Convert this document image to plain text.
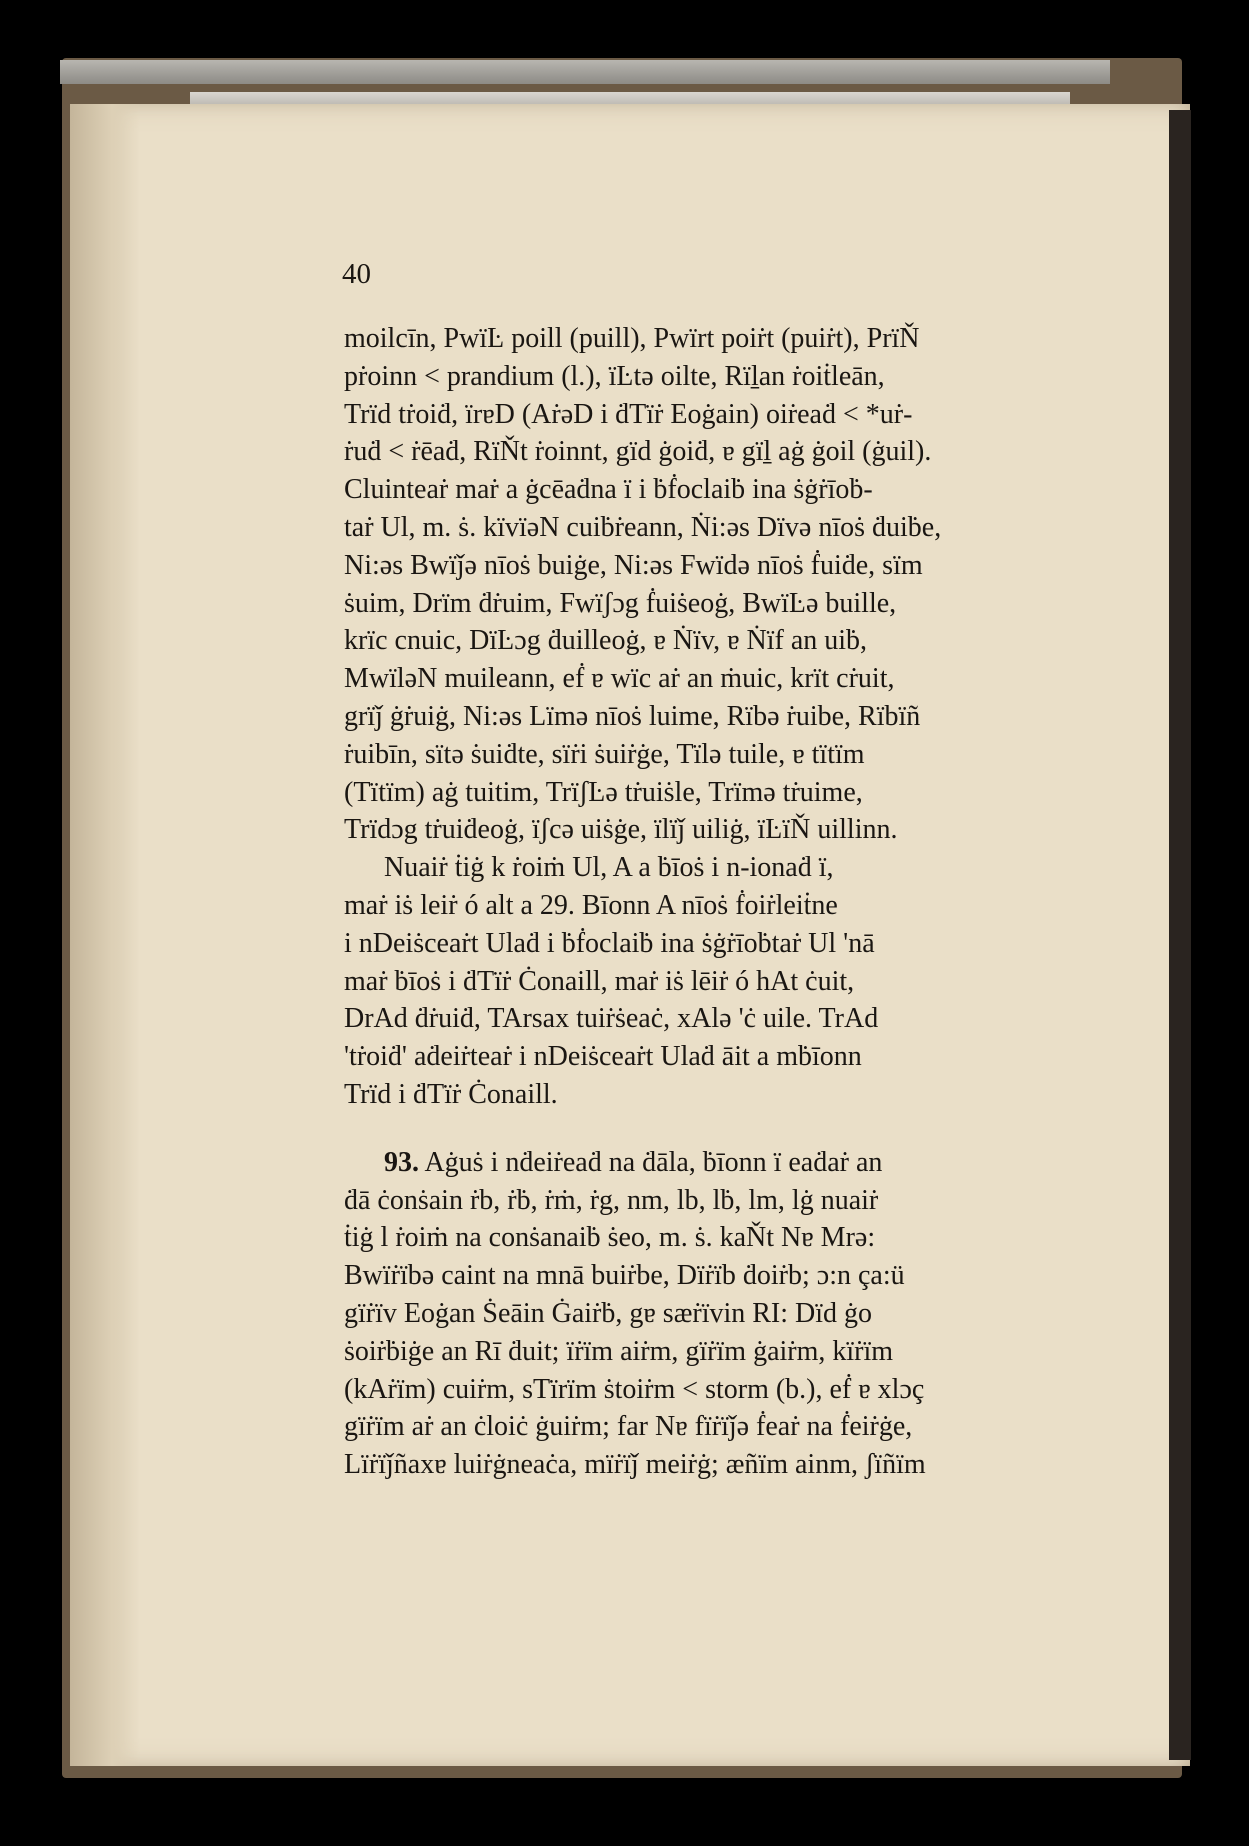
40

moilcīn, PwïĿ poill (puill), Pwïrt poiṙt (puiṙt), PrïŇ
pṙoinn < prandium (l.), ïĿtə oilte, Rïḻan ṙoiṫleān,
Trïd tṙoiḋ, ïrɐD (AṙəD i ḋTïṙ Eoġain) oiṙeaḋ < *uṙ-
ṙuḋ < ṙēaḋ, RïŇt ṙoinnt, gïd ġoiḋ, ɐ gïḻ aġ ġoil (ġuil).
Cluinteaṙ maṙ a ġcēaḋna ï i ḃḟoclaiḃ ina ṡġṙīoḃ-
taṙ Ul, m. ṡ. kïvïəN cuiḃṙeann, Ṅi:əs Dïvə nīoṡ ḋuiḃe,
Ni:əs Bwïǰə nīoṡ buiġe, Ni:əs Fwïdə nīoṡ ḟuiḋe, sïm
ṡuim, Drïm ḋṙuim, Fwïʃɔg ḟuiṡeoġ, BwïĿə buille,
krïc cnuic, DïĿɔg ḋuilleoġ, ɐ Ṅïv, ɐ Ṅïf an uiḃ,
MwïləN muileann, eḟ ɐ wïc aṙ an ṁuic, krït cṙuit,
grïǰ ġṙuiġ, Ni:əs Lïmə nīoṡ luime, Rïbə ṙuibe, Rïbïñ
ṙuibīn, sïtə ṡuiḋte, sïṙi ṡuiṙġe, Tïlə tuile, ɐ tïtïm
(Tïtïm) aġ tuitim, TrïʃĿə tṙuiṡle, Trïmə tṙuime,
Trïdɔg tṙuiḋeoġ, ïʃcə uiṡġe, ïlïǰ uiliġ, ïĿïŇ uillinn.

Nuaiṙ ṫiġ k ṙoiṁ Ul, A a ḃīoṡ i n-ionaḋ ï,
maṙ iṡ leiṙ ó alt a 29. Bīonn A nīoṡ ḟoiṙleiṫne
i nDeiṡceaṙt Ulaḋ i ḃḟoclaiḃ ina ṡġṙīoḃtaṙ Ul 'nā
maṙ ḃīoṡ i ḋTïṙ Ċonaill, maṙ iṡ lēiṙ ó hAt ċuit,
DrAd ḋṙuiḋ, TArsax tuiṙṡeaċ, xAlə 'ċ uile. TrAd
'tṙoiḋ' aḋeiṙteaṙ i nDeiṡceaṙt Ulaḋ āit a mḃīonn
Trïd i ḋTïṙ Ċonaill.

93. Aġuṡ i nḋeiṙeaḋ na ḋāla, ḃīonn ï eaḋaṙ an
ḋā ċonṡain ṙb, ṙḃ, ṙṁ, ṙg, nm, lb, lḃ, lm, lġ nuaiṙ
ṫiġ l ṙoiṁ na conṡanaiḃ ṡeo, m. ṡ. kaŇt Nɐ Mrə:
Bwïṙïbə caint na mnā buiṙbe, Dïṙïb ḋoiṙb; ɔ:n ça:ü
gïṙïv Eoġan Ṡeāin Ġaiṙḃ, gɐ sæṙïvin RI: Dïd ġo
ṡoiṙḃiġe an Rī ḋuit; ïṙïm aiṙm, gïṙïm ġaiṙm, kïṙïm
(kAṙïm) cuiṙm, sTïrïm ṡtoiṙm < storm (b.), eḟ ɐ xlɔç
gïṙïm aṙ an ċloiċ ġuiṙm; far Nɐ fïṙïǰə ḟeaṙ na ḟeiṙġe,
Lïṙïǰñaxɐ luiṙġneaċa, mïṙïǰ meiṙġ; æñïm ainm, ʃïñïm
